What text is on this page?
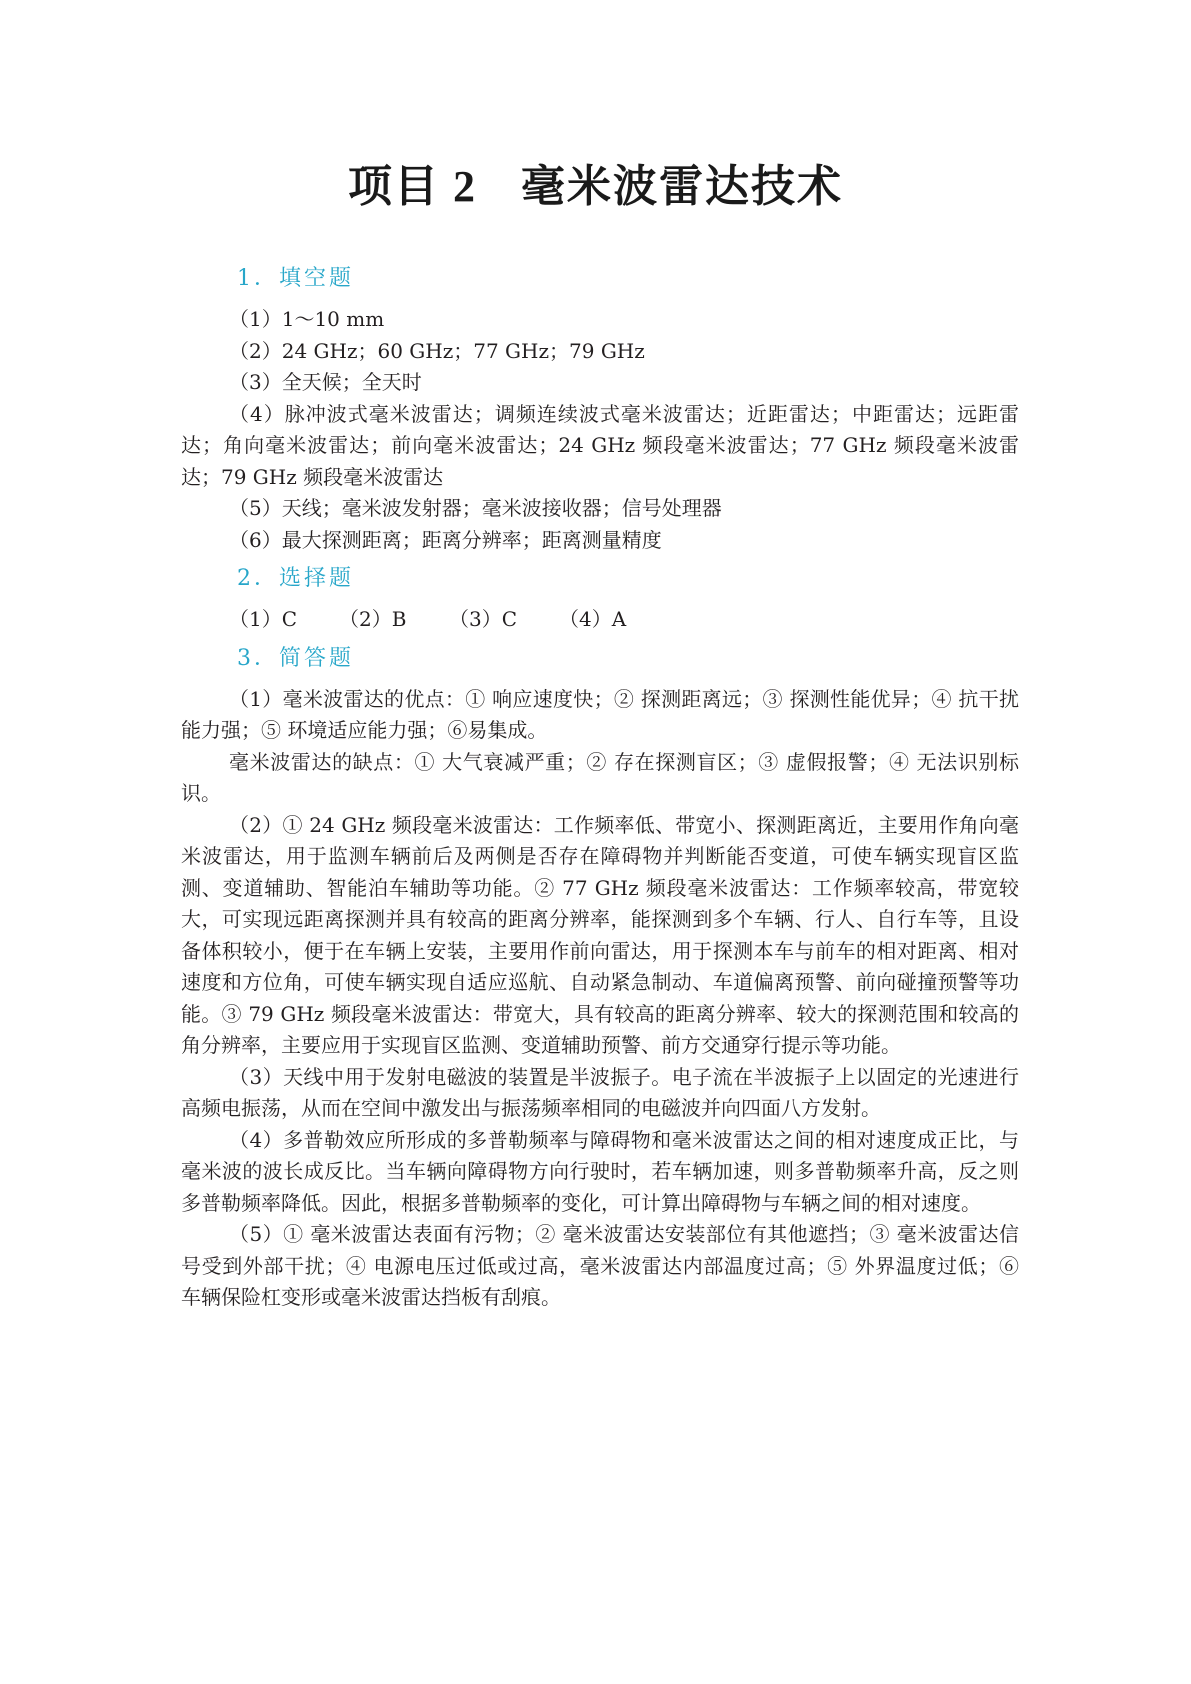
项目 2 毫米波雷达技术
1．填空题

（1）1～10 mm

（2）24 GHz；60 GHz；77 GHz；79 GHz

（3）全天候；全天时

（4）脉冲波式毫米波雷达；调频连续波式毫米波雷达；近距雷达；中距雷达；远距雷达；角向毫米波雷达；前向毫米波雷达；24 GHz 频段毫米波雷达；77 GHz 频段毫米波雷达；79 GHz 频段毫米波雷达

（5）天线；毫米波发射器；毫米波接收器；信号处理器

（6）最大探测距离；距离分辨率；距离测量精度

2．选择题
（1）C （2）B （3）C （4）A
3．简答题

（1）毫米波雷达的优点：① 响应速度快；② 探测距离远；③ 探测性能优异；④ 抗干扰能力强；⑤ 环境适应能力强；⑥易集成。

毫米波雷达的缺点：① 大气衰减严重；② 存在探测盲区；③ 虚假报警；④ 无法识别标识。

（2）① 24 GHz 频段毫米波雷达：工作频率低、带宽小、探测距离近，主要用作角向毫米波雷达，用于监测车辆前后及两侧是否存在障碍物并判断能否变道，可使车辆实现盲区监测、变道辅助、智能泊车辅助等功能。② 77 GHz 频段毫米波雷达：工作频率较高，带宽较大，可实现远距离探测并具有较高的距离分辨率，能探测到多个车辆、行人、自行车等，且设备体积较小，便于在车辆上安装，主要用作前向雷达，用于探测本车与前车的相对距离、相对速度和方位角，可使车辆实现自适应巡航、自动紧急制动、车道偏离预警、前向碰撞预警等功能。③ 79 GHz 频段毫米波雷达：带宽大，具有较高的距离分辨率、较大的探测范围和较高的角分辨率，主要应用于实现盲区监测、变道辅助预警、前方交通穿行提示等功能。

（3）天线中用于发射电磁波的装置是半波振子。电子流在半波振子上以固定的光速进行高频电振荡，从而在空间中激发出与振荡频率相同的电磁波并向四面八方发射。

（4）多普勒效应所形成的多普勒频率与障碍物和毫米波雷达之间的相对速度成正比，与毫米波的波长成反比。当车辆向障碍物方向行驶时，若车辆加速，则多普勒频率升高，反之则多普勒频率降低。因此，根据多普勒频率的变化，可计算出障碍物与车辆之间的相对速度。

（5）① 毫米波雷达表面有污物；② 毫米波雷达安装部位有其他遮挡；③ 毫米波雷达信号受到外部干扰；④ 电源电压过低或过高，毫米波雷达内部温度过高；⑤ 外界温度过低；⑥ 车辆保险杠变形或毫米波雷达挡板有刮痕。
